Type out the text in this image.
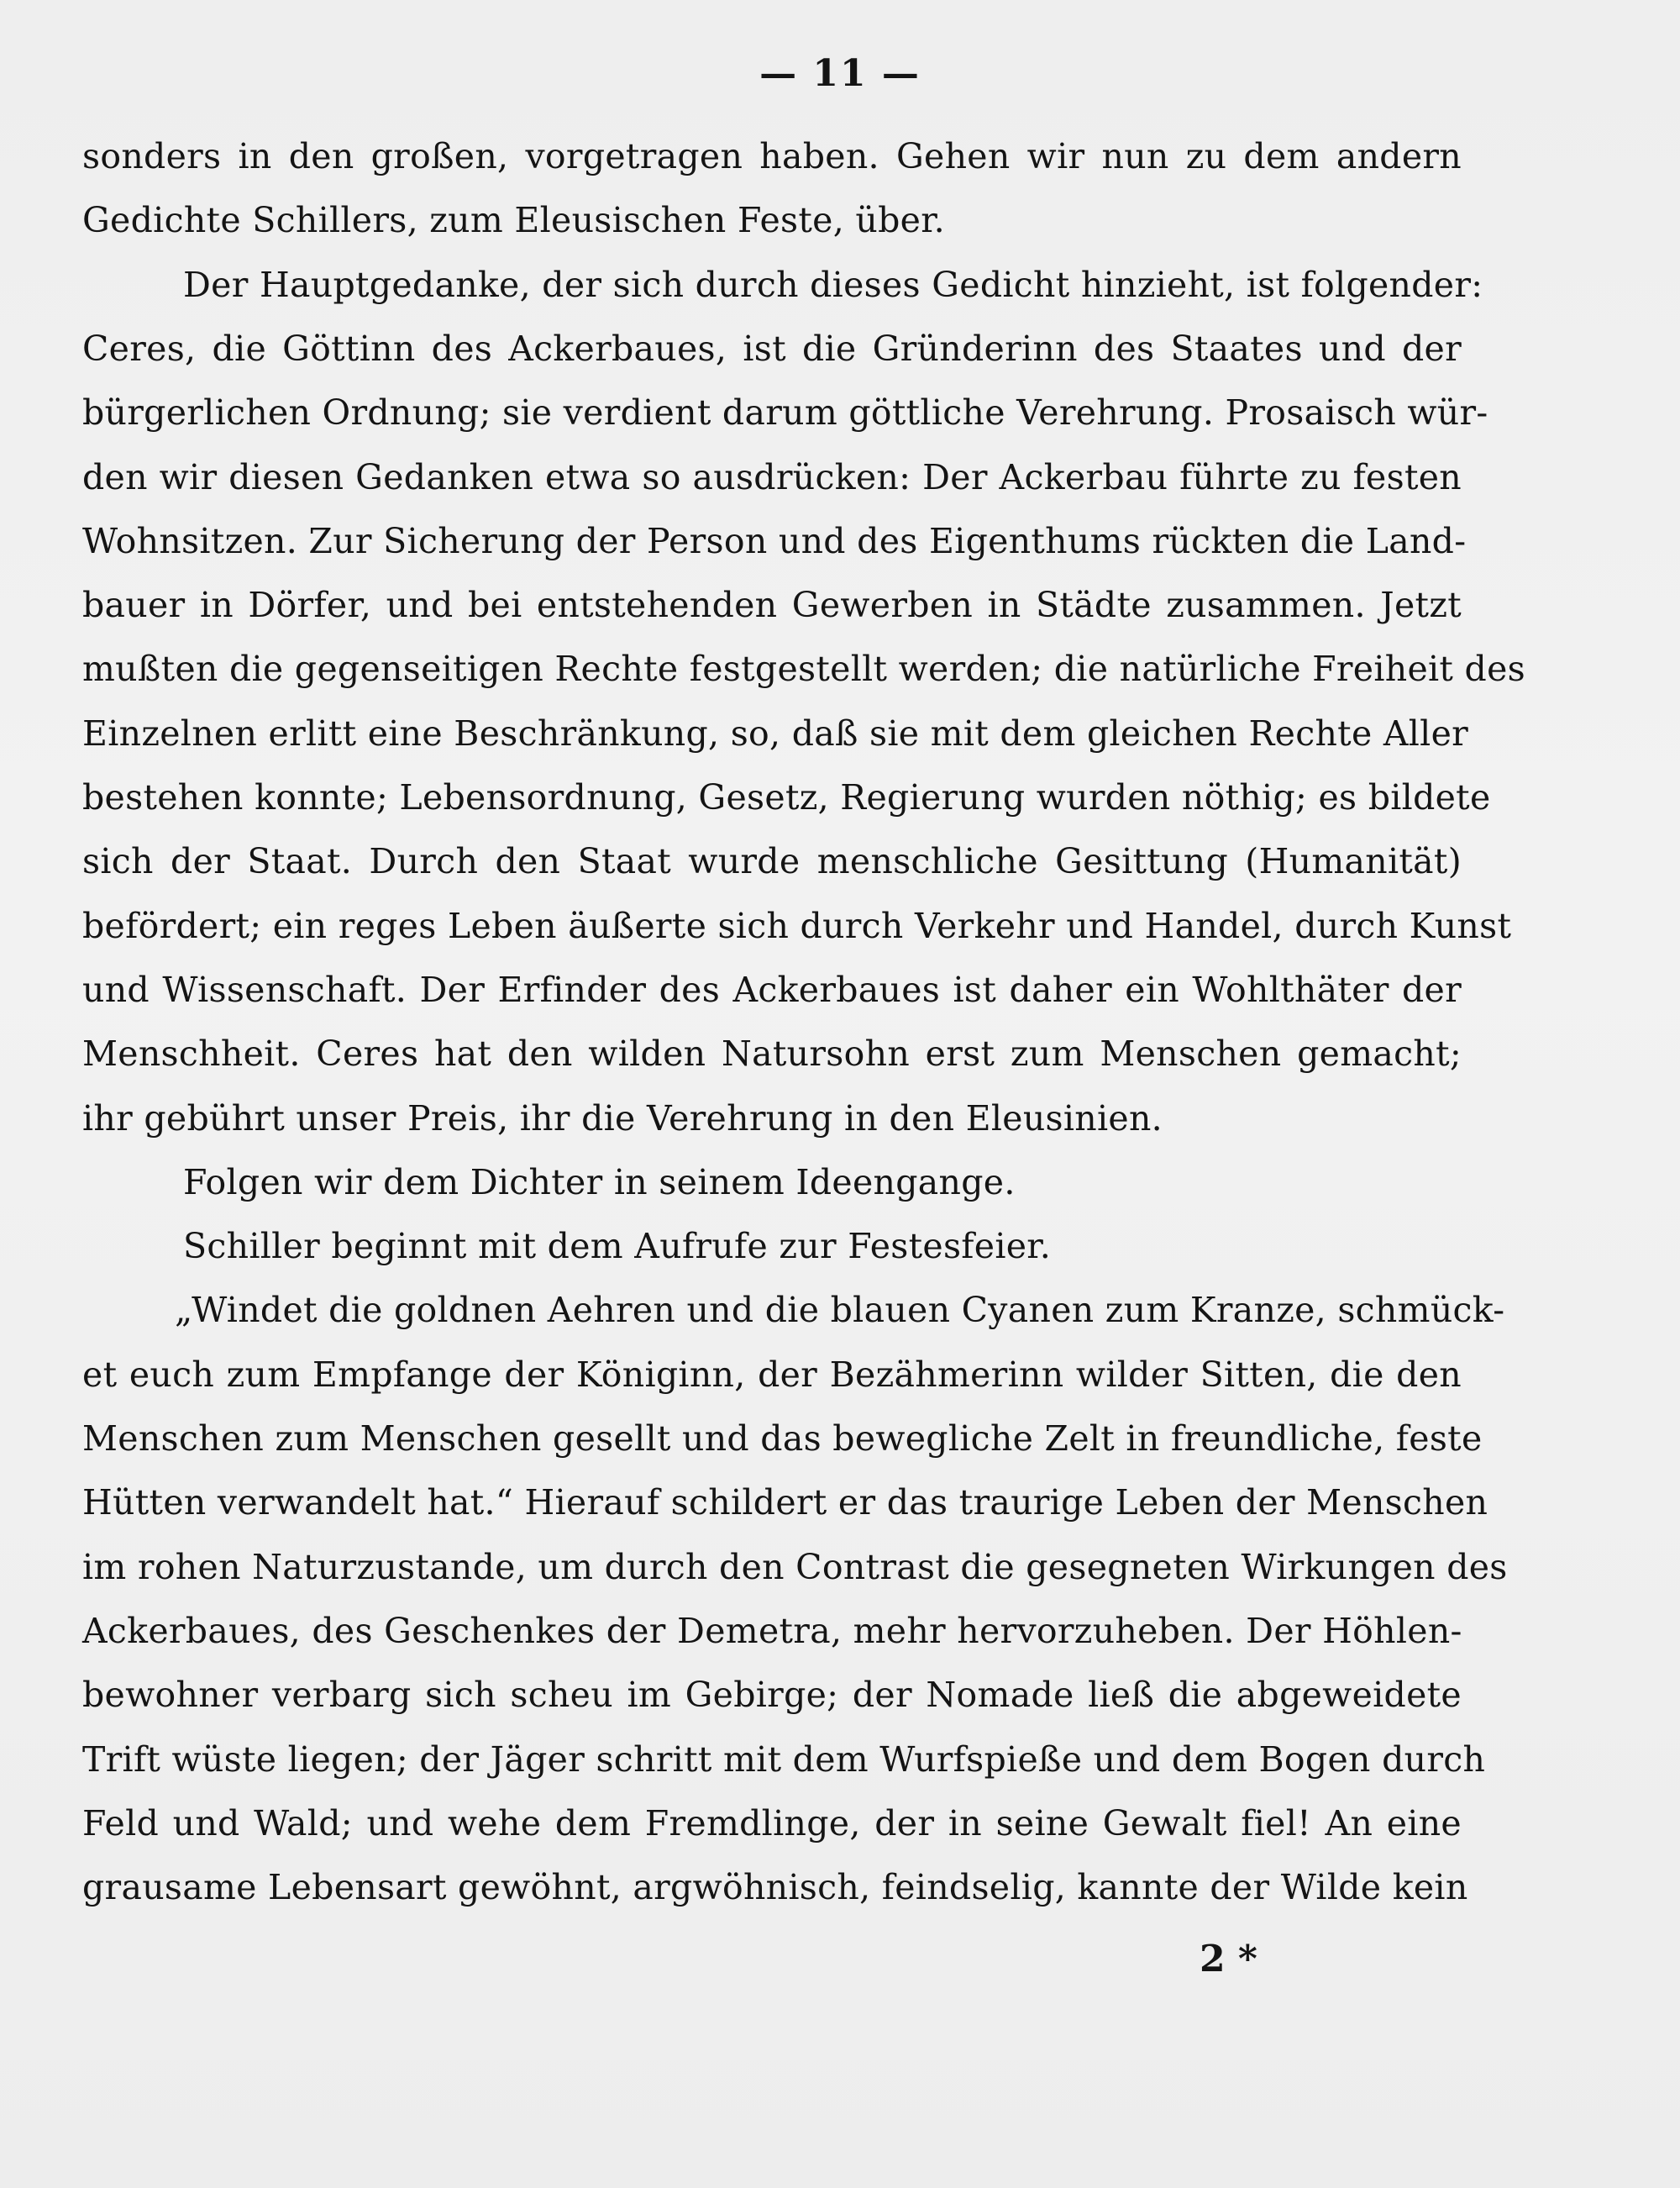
— 11 —
sonders in den großen, vorgetragen haben. Gehen wir nun zu dem andern
Gedichte Schillers, zum Eleusischen Feste, über.
Der Hauptgedanke, der sich durch dieses Gedicht hinzieht, ist folgender:
Ceres, die Göttinn des Ackerbaues, ist die Gründerinn des Staates und der
bürgerlichen Ordnung; sie verdient darum göttliche Verehrung. Prosaisch wür-
den wir diesen Gedanken etwa so ausdrücken: Der Ackerbau führte zu festen
Wohnsitzen. Zur Sicherung der Person und des Eigenthums rückten die Land-
bauer in Dörfer, und bei entstehenden Gewerben in Städte zusammen. Jetzt
mußten die gegenseitigen Rechte festgestellt werden; die natürliche Freiheit des
Einzelnen erlitt eine Beschränkung, so, daß sie mit dem gleichen Rechte Aller
bestehen konnte; Lebensordnung, Gesetz, Regierung wurden nöthig; es bildete
sich der Staat. Durch den Staat wurde menschliche Gesittung (Humanität)
befördert; ein reges Leben äußerte sich durch Verkehr und Handel, durch Kunst
und Wissenschaft. Der Erfinder des Ackerbaues ist daher ein Wohlthäter der
Menschheit. Ceres hat den wilden Natursohn erst zum Menschen gemacht;
ihr gebührt unser Preis, ihr die Verehrung in den Eleusinien.
Folgen wir dem Dichter in seinem Ideengange.
Schiller beginnt mit dem Aufrufe zur Festesfeier.
„Windet die goldnen Aehren und die blauen Cyanen zum Kranze, schmück-
et euch zum Empfange der Königinn, der Bezähmerinn wilder Sitten, die den
Menschen zum Menschen gesellt und das bewegliche Zelt in freundliche, feste
Hütten verwandelt hat.“ Hierauf schildert er das traurige Leben der Menschen
im rohen Naturzustande, um durch den Contrast die gesegneten Wirkungen des
Ackerbaues, des Geschenkes der Demetra, mehr hervorzuheben. Der Höhlen-
bewohner verbarg sich scheu im Gebirge; der Nomade ließ die abgeweidete
Trift wüste liegen; der Jäger schritt mit dem Wurfspieße und dem Bogen durch
Feld und Wald; und wehe dem Fremdlinge, der in seine Gewalt fiel! An eine
grausame Lebensart gewöhnt, argwöhnisch, feindselig, kannte der Wilde kein
2 *
